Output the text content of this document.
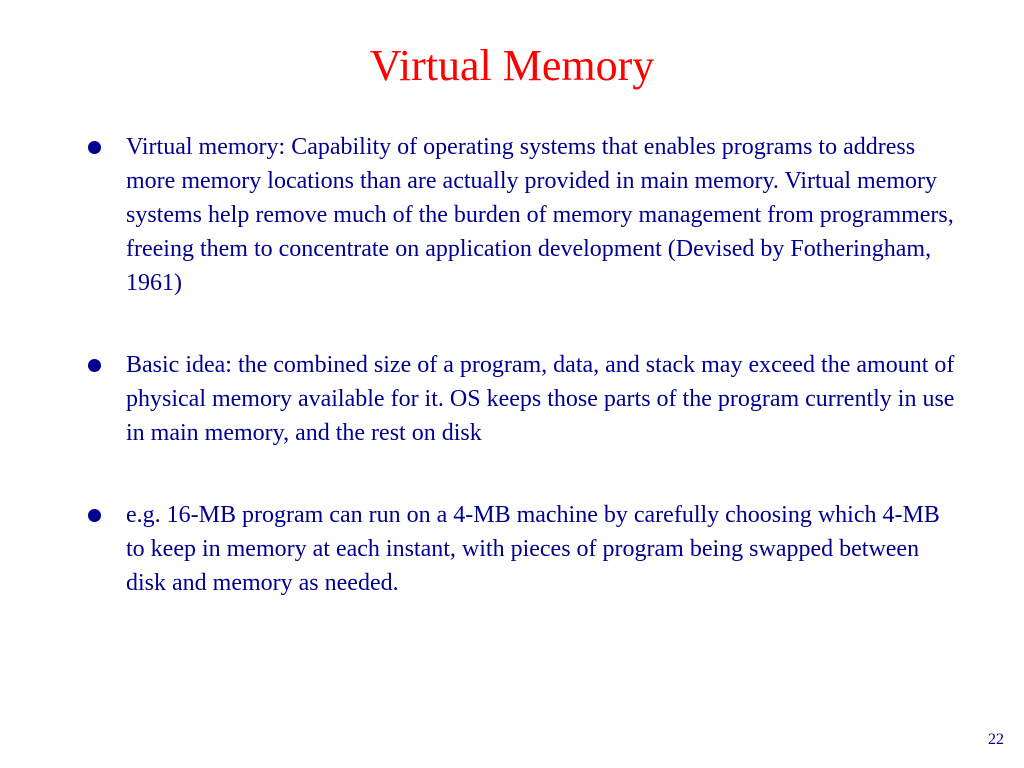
Virtual Memory
Virtual memory: Capability of operating systems that enables programs to address more memory locations than are actually provided in main memory. Virtual memory systems help remove much of the burden of memory management from programmers, freeing them to concentrate on application development (Devised by Fotheringham, 1961)
Basic idea: the combined size of a program, data, and stack may exceed the amount of physical memory available for it. OS keeps those parts of the program currently in use in main memory, and the rest on disk
e.g. 16-MB program can run on a 4-MB machine by carefully choosing which 4-MB to keep in memory at each instant, with pieces of program being swapped between disk and memory as needed.
22
